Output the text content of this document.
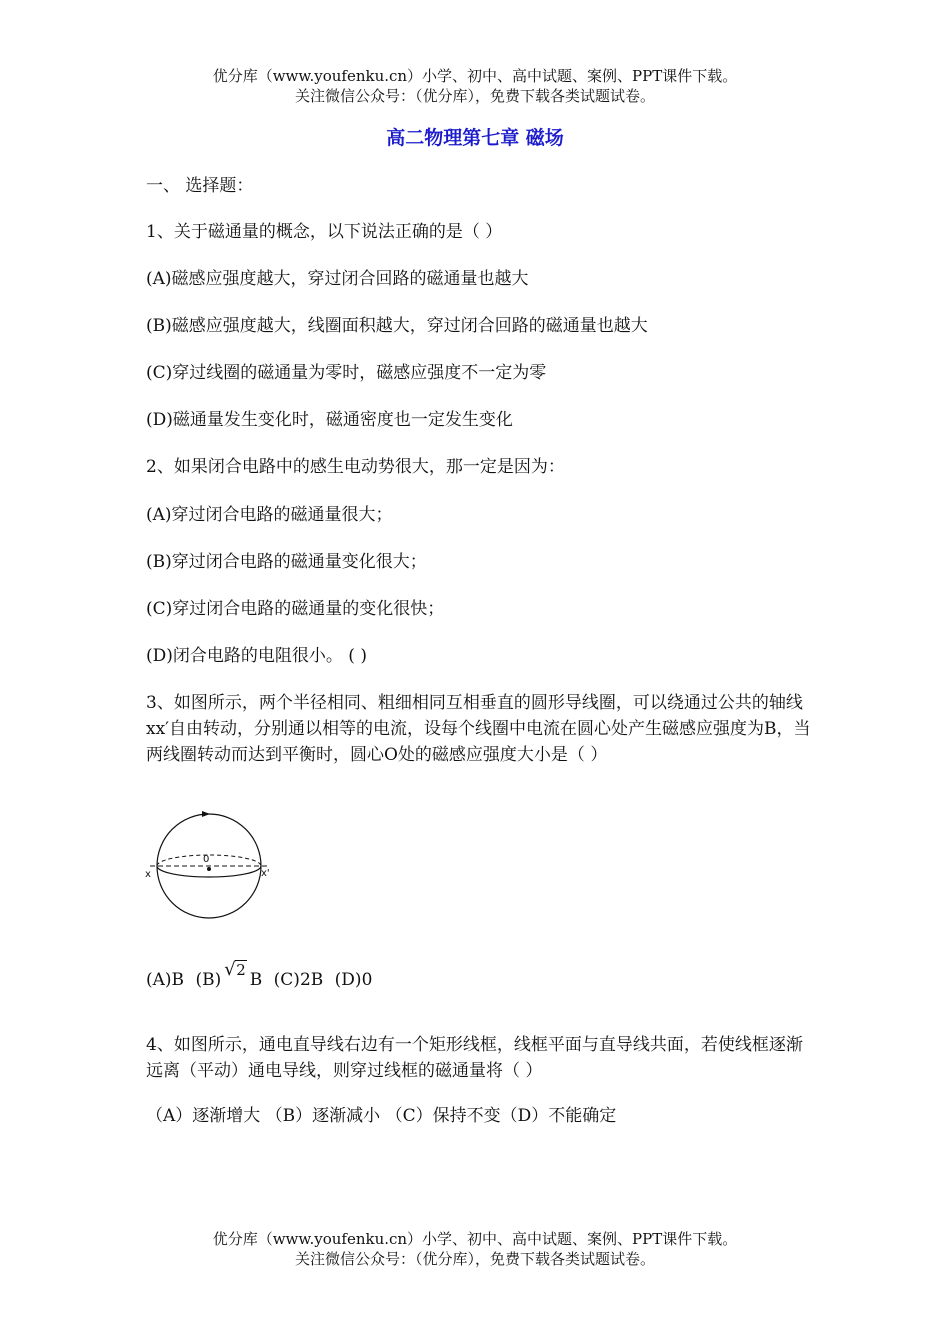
优分库（www.youfenku.cn）小学、初中、高中试题、案例、PPT课件下载。
关注微信公众号：（优分库），免费下载各类试题试卷。
高二物理第七章 磁场
一、 选择题：
1、关于磁通量的概念，以下说法正确的是（ ）
(A)磁感应强度越大，穿过闭合回路的磁通量也越大
(B)磁感应强度越大，线圈面积越大，穿过闭合回路的磁通量也越大
(C)穿过线圈的磁通量为零时，磁感应强度不一定为零
(D)磁通量发生变化时，磁通密度也一定发生变化
2、如果闭合电路中的感生电动势很大，那一定是因为：
(A)穿过闭合电路的磁通量很大；
(B)穿过闭合电路的磁通量变化很大；
(C)穿过闭合电路的磁通量的变化很快；
(D)闭合电路的电阻很小。 ( )
3、如图所示，两个半径相同、粗细相同互相垂直的圆形导线圈，可以绕通过公共的轴线xx′自由转动，分别通以相等的电流，设每个线圈中电流在圆心处产生磁感应强度为B，当两线圈转动而达到平衡时，圆心O处的磁感应强度大小是（ ）
0
x	x'
(A)B (B) √ 2 B (C)2B (D)0
4、如图所示，通电直导线右边有一个矩形线框，线框平面与直导线共面，若使线框逐渐远离（平动）通电导线，则穿过线框的磁通量将（ ）
（A）逐渐增大 （B）逐渐减小 （C）保持不变（D）不能确定
优分库（www.youfenku.cn）小学、初中、高中试题、案例、PPT课件下载。
关注微信公众号：（优分库），免费下载各类试题试卷。
